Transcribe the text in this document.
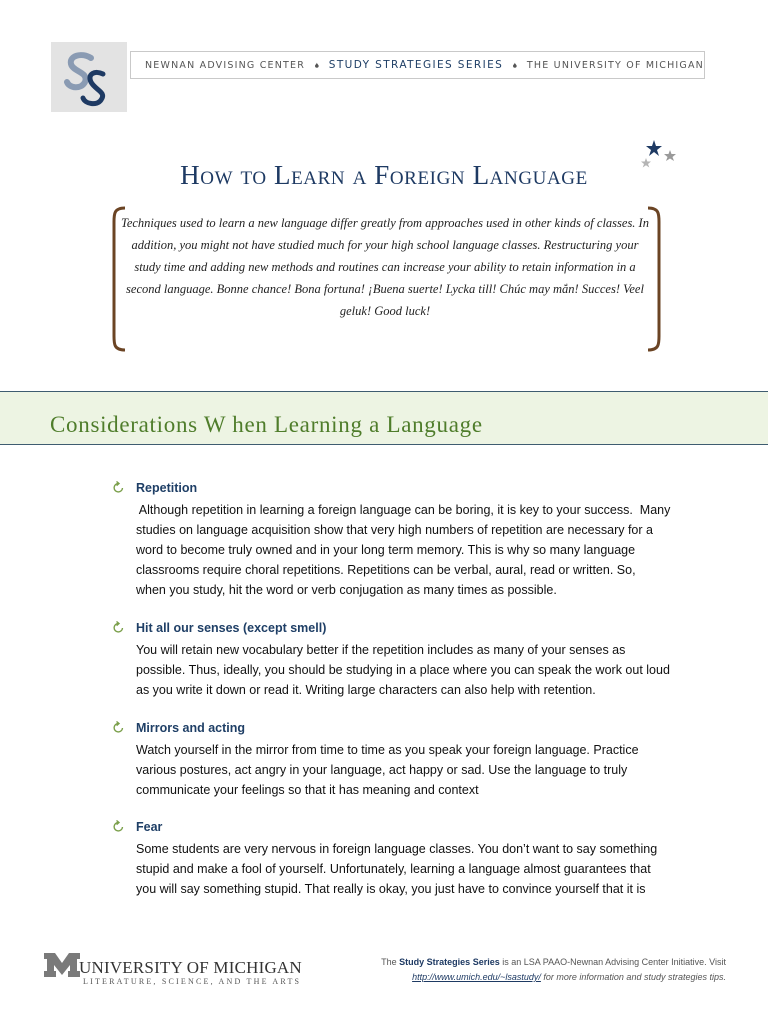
NEWNAN ADVISING CENTER STUDY STRATEGIES SERIES THE UNIVERSITY OF MICHIGAN
How to Learn a Foreign Language
Techniques used to learn a new language differ greatly from approaches used in other kinds of classes. In addition, you might not have studied much for your high school language classes. Restructuring your study time and adding new methods and routines can increase your ability to retain information in a second language. Bonne chance! Bona fortuna! ¡Buena suerte! Lycka till! Chúc may mắn! Succes! Veel geluk! Good luck!
Considerations W hen Learning a Language
Repetition
Although repetition in learning a foreign language can be boring, it is key to your success.  Many
studies on language acquisition show that very high numbers of repetition are necessary for a
word to become truly owned and in your long term memory. This is why so many language
classrooms require choral repetitions. Repetitions can be verbal, aural, read or written. So,
when you study, hit the word or verb conjugation as many times as possible.
Hit all our senses (except smell)
You will retain new vocabulary better if the repetition includes as many of your senses as
possible. Thus, ideally, you should be studying in a place where you can speak the work out loud
as you write it down or read it. Writing large characters can also help with retention.
Mirrors and acting
Watch yourself in the mirror from time to time as you speak your foreign language. Practice
various postures, act angry in your language, act happy or sad. Use the language to truly
communicate your feelings so that it has meaning and context
Fear
Some students are very nervous in foreign language classes. You don’t want to say something
stupid and make a fool of yourself. Unfortunately, learning a language almost guarantees that
you will say something stupid. That really is okay, you just have to convince yourself that it is
UNIVERSITY OF MICHIGAN
LITERATURE, SCIENCE, AND THE ARTS
The Study Strategies Series is an LSA PAAO-Newnan Advising Center Initiative. Visit
http://www.umich.edu/~lsastudy/ for more information and study strategies tips.
